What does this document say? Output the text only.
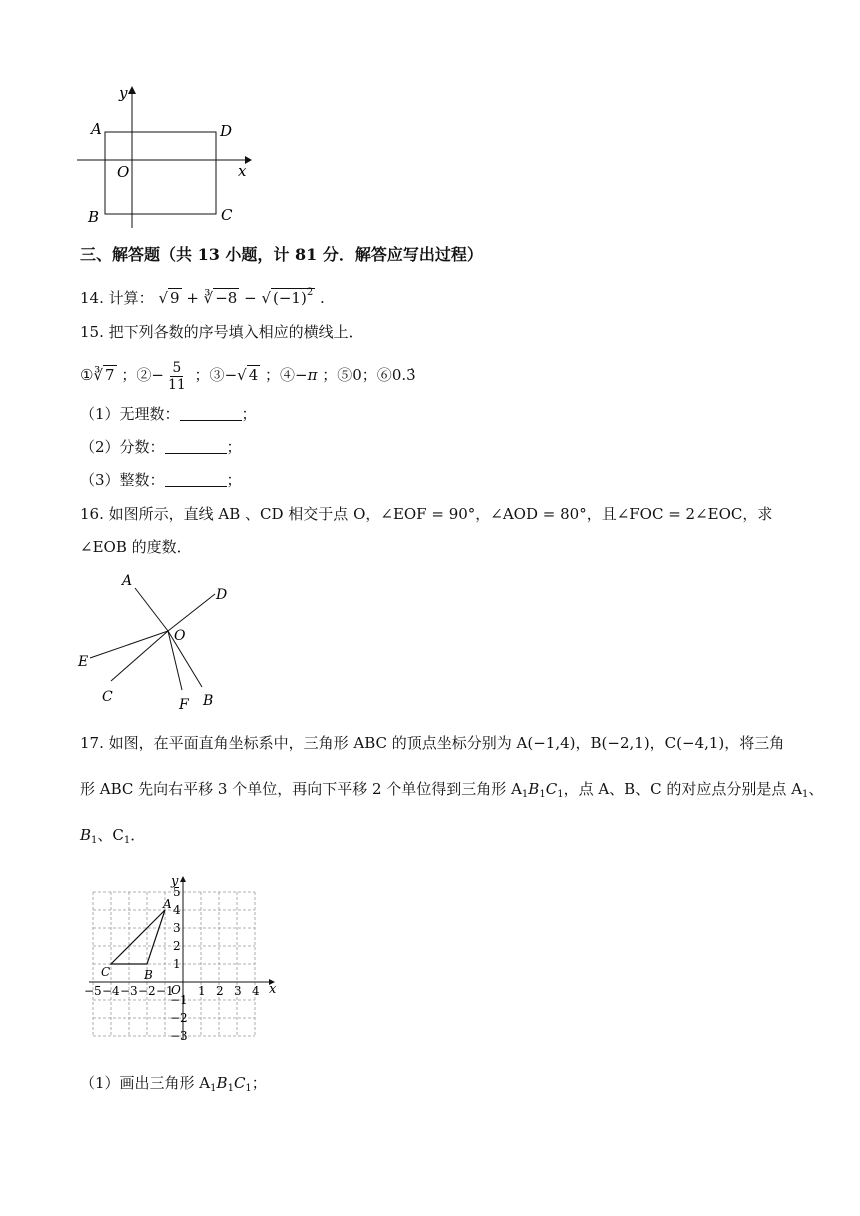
y
A	D
O	x
B	C
三、解答题（共 13 小题，计 81 分．解答应写出过程）
14. 计算： √ 9 + ∛ −8 − √ $(-1)^2$ .
15. 把下列各数的序号填入相应的横线上．
①∛ 7 ；②− $\frac{5}{11}$ ；③−√ 4 ；④−π ；⑤0；⑥0.3̇
（1）无理数：	；
（2）分数：	；
（3）整数：	；
16. 如图所示，直线 AB 、CD 相交于点 O，∠EOF = 90°，∠AOD = 80°，且∠FOC = 2∠EOC，求
∠EOB 的度数．
A
D
O
E
C	F B
17. 如图，在平面直角坐标系中，三角形 ABC 的顶点坐标分别为 A(−1,4)，B(−2,1)，C(−4,1)，将三角
形 ABC 先向右平移 3 个单位，再向下平移 2 个单位得到三角形 $A_1B_1C_1$，点 A、B、C 的对应点分别是点 $A_1$、
$B_1$、$C_1$．
x
y
O
−5 −4 −3 −2 −1 1 2 3 4
5
4
3
2
1
−1
−2
−3
A
B
C
（1）画出三角形 $A_1B_1C_1$；
